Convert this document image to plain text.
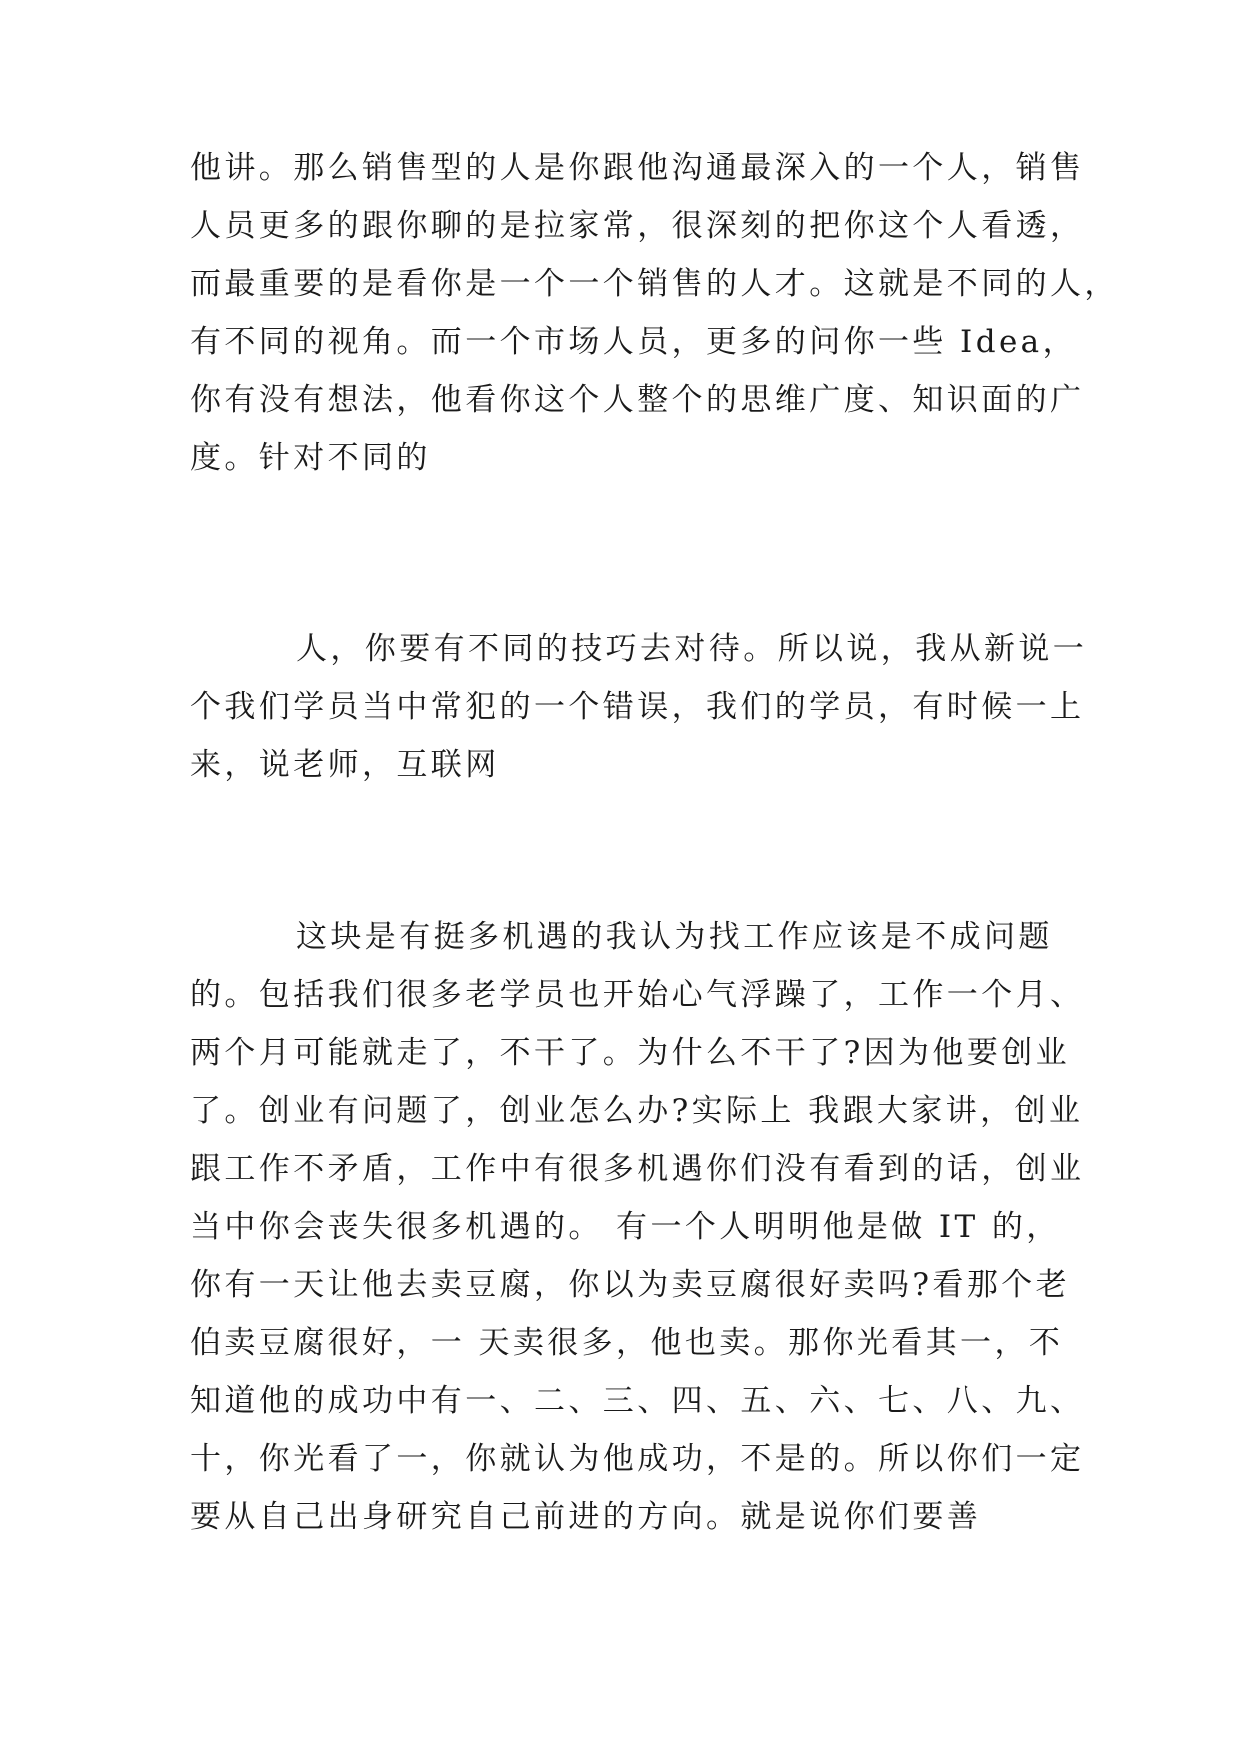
他讲。那么销售型的人是你跟他沟通最深入的一个人，销售
人员更多的跟你聊的是拉家常，很深刻的把你这个人看透，
而最重要的是看你是一个一个销售的人才。这就是不同的人，
有不同的视角。而一个市场人员，更多的问你一些 Idea，
你有没有想法，他看你这个人整个的思维广度、知识面的广
度。针对不同的
人，你要有不同的技巧去对待。所以说，我从新说一
个我们学员当中常犯的一个错误，我们的学员，有时候一上
来，说老师，互联网
这块是有挺多机遇的我认为找工作应该是不成问题
的。包括我们很多老学员也开始心气浮躁了，工作一个月、
两个月可能就走了，不干了。为什么不干了?因为他要创业
了。创业有问题了，创业怎么办?实际上 我跟大家讲，创业
跟工作不矛盾，工作中有很多机遇你们没有看到的话，创业
当中你会丧失很多机遇的。 有一个人明明他是做 IT 的，
你有一天让他去卖豆腐，你以为卖豆腐很好卖吗?看那个老
伯卖豆腐很好，一 天卖很多，他也卖。那你光看其一，不
知道他的成功中有一、二、三、四、五、六、七、八、九、
十，你光看了一，你就认为他成功，不是的。所以你们一定
要从自己出身研究自己前进的方向。就是说你们要善
